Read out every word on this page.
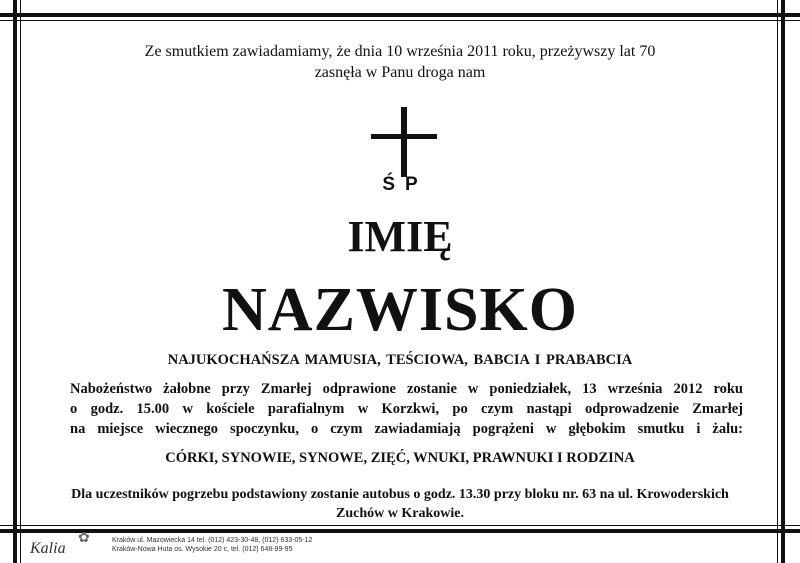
Ze smutkiem zawiadamiamy, że dnia 10 września 2011 roku, przeżywszy lat 70
zasnęła w Panu droga nam
ŚP
IMIĘ
NAZWISKO
NAJUKOCHAŃSZA MAMUSIA, TEŚCIOWA, BABCIA I PRABABCIA
Nabożeństwo żałobne przy Zmarłej odprawione zostanie w poniedziałek, 13 września 2012 roku
o godz. 15.00 w kościele parafialnym w Korzkwi, po czym nastąpi odprowadzenie Zmarłej
na miejsce wiecznego spoczynku, o czym zawiadamiają pogrążeni w głębokim smutku i żalu:
CÓRKI, SYNOWIE, SYNOWE, ZIĘĆ, WNUKI, PRAWNUKI I RODZINA
Dla uczestników pogrzebu podstawiony zostanie autobus o godz. 13.30 przy bloku nr. 63 na ul. Krowoderskich
Zuchów w Krakowie.
Kalia
✿	Kraków ul. Mazowiecka 14 tel. (012) 423-30-48, (012) 633-05-12
Kraków-Nowa Huta os. Wysokie 20 c, tel. (012) 648-99-95
